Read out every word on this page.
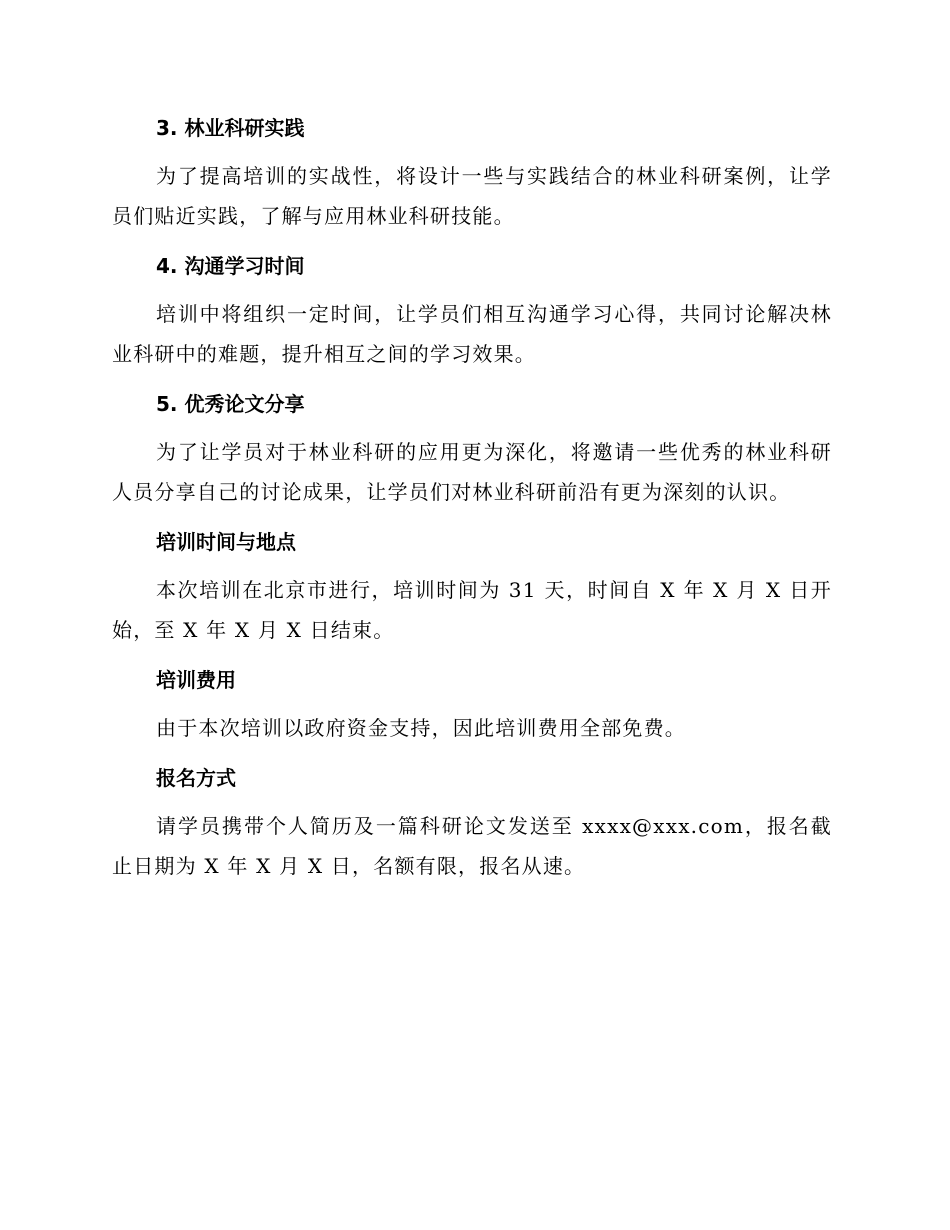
3. 林业科研实践

为了提高培训的实战性，将设计一些与实践结合的林业科研案例，让学员们贴近实践，了解与应用林业科研技能。

4. 沟通学习时间

培训中将组织一定时间，让学员们相互沟通学习心得，共同讨论解决林业科研中的难题，提升相互之间的学习效果。

5. 优秀论文分享

为了让学员对于林业科研的应用更为深化，将邀请一些优秀的林业科研人员分享自己的讨论成果，让学员们对林业科研前沿有更为深刻的认识。

培训时间与地点

本次培训在北京市进行，培训时间为 31 天，时间自 X 年 X 月 X 日开始，至 X 年 X 月 X 日结束。

培训费用

由于本次培训以政府资金支持，因此培训费用全部免费。

报名方式

请学员携带个人简历及一篇科研论文发送至 xxxx@xxx.com，报名截止日期为 X 年 X 月 X 日，名额有限，报名从速。
